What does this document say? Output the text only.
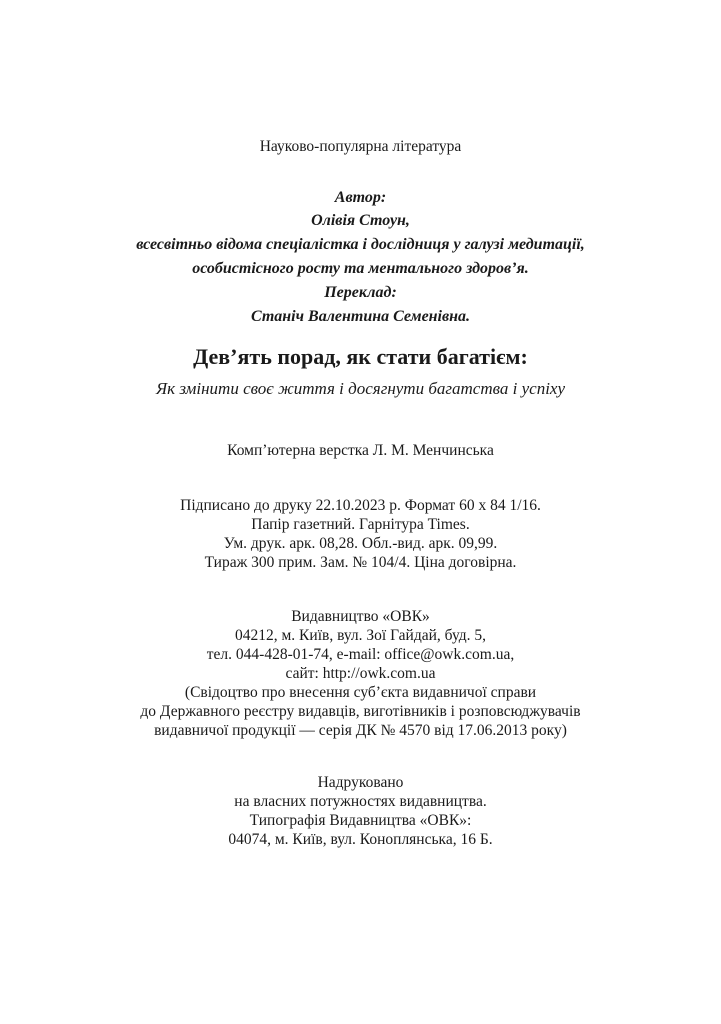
Науково-популярна література
Автор:
Олівія Стоун,
всесвітньо відома спеціалістка і дослідниця у галузі медитації,
особистісного росту та ментального здоров’я.
Переклад:
Станіч Валентина Семенівна.
Дев’ять порад, як стати багатієм:
Як змінити своє життя і досягнути багатства і успіху
Комп’ютерна верстка Л. М. Менчинська
Підписано до друку 22.10.2023 р. Формат 60 x 84 1/16.
Папір газетний. Гарнітура Times.
Ум. друк. арк. 08,28. Обл.-вид. арк. 09,99.
Тираж 300 прим. Зам. № 104/4. Ціна договірна.
Видавництво «ОВК»
04212, м. Київ, вул. Зої Гайдай, буд. 5,
тел. 044-428-01-74, e-mail: office@owk.com.ua,
сайт: http://owk.com.ua
(Свідоцтво про внесення суб’єкта видавничої справи
до Державного реєстру видавців, виготівників і розповсюджувачів
видавничої продукції — серія ДК № 4570 від 17.06.2013 року)
Надруковано
на власних потужностях видавництва.
Типографія Видавництва «ОВК»:
04074, м. Київ, вул. Коноплянська, 16 Б.
